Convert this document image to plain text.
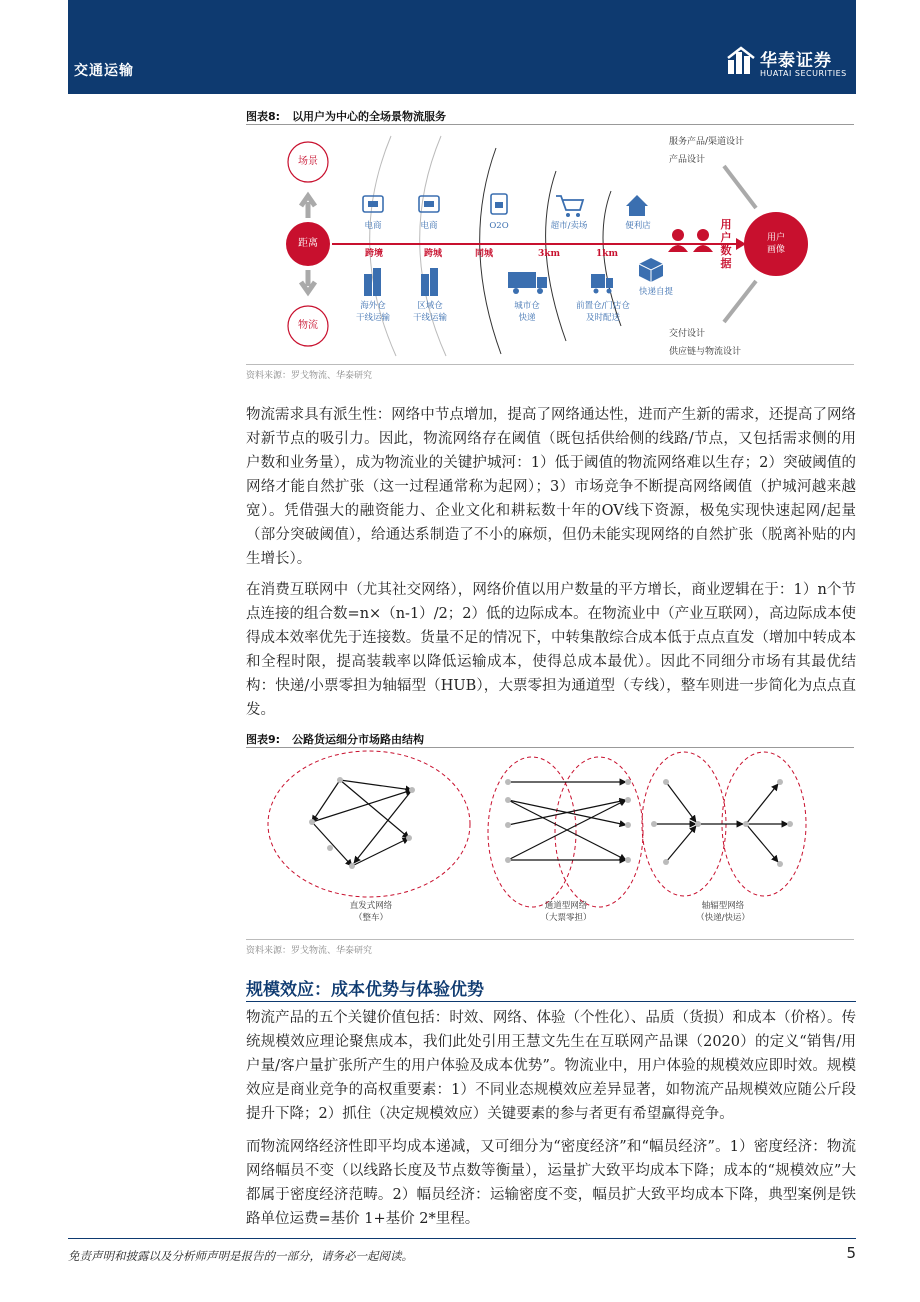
交通运输	华泰证券
HUATAI SECURITIES
图表8: 以用户为中心的全场景物流服务
场景
距离
物流
电商	电商	O2O	超市/卖场	便利店
跨境	跨城	同城	3km	1km
海外仓
干线运输
区域仓
干线运输
城市仓
快递
前置仓/门店仓
及时配送
快递自提
用户数据
用户
画像
服务产品/渠道设计
产品设计
交付设计
供应链与物流设计
资料来源：罗戈物流、华泰研究
物流需求具有派生性：网络中节点增加，提高了网络通达性，进而产生新的需求，还提高了网络对新节点的吸引力。因此，物流网络存在阈值（既包括供给侧的线路/节点，又包括需求侧的用户数和业务量），成为物流业的关键护城河：1）低于阈值的物流网络难以生存；2）突破阈值的网络才能自然扩张（这一过程通常称为起网）；3）市场竞争不断提高网络阈值（护城河越来越宽）。凭借强大的融资能力、企业文化和耕耘数十年的OV线下资源，极兔实现快速起网/起量（部分突破阈值），给通达系制造了不小的麻烦，但仍未能实现网络的自然扩张（脱离补贴的内生增长）。
在消费互联网中（尤其社交网络），网络价值以用户数量的平方增长，商业逻辑在于：1）n个节点连接的组合数=n×（n-1）/2；2）低的边际成本。在物流业中（产业互联网），高边际成本使得成本效率优先于连接数。货量不足的情况下，中转集散综合成本低于点点直发（增加中转成本和全程时限，提高装载率以降低运输成本，使得总成本最优）。因此不同细分市场有其最优结构：快递/小票零担为轴辐型（HUB），大票零担为通道型（专线），整车则进一步简化为点点直发。
图表9: 公路货运细分市场路由结构
直发式网络
（整车）
通道型网络
（大票零担）
轴辐型网络
（快递/快运）
资料来源：罗戈物流、华泰研究
规模效应：成本优势与体验优势
物流产品的五个关键价值包括：时效、网络、体验（个性化）、品质（货损）和成本（价格）。传统规模效应理论聚焦成本，我们此处引用王慧文先生在互联网产品课（2020）的定义“销售/用户量/客户量扩张所产生的用户体验及成本优势”。物流业中，用户体验的规模效应即时效。规模效应是商业竞争的高权重要素：1）不同业态规模效应差异显著，如物流产品规模效应随公斤段提升下降；2）抓住（决定规模效应）关键要素的参与者更有希望赢得竞争。
而物流网络经济性即平均成本递减，又可细分为“密度经济”和“幅员经济”。1）密度经济：物流网络幅员不变（以线路长度及节点数等衡量），运量扩大致平均成本下降；成本的“规模效应”大都属于密度经济范畴。2）幅员经济：运输密度不变，幅员扩大致平均成本下降，典型案例是铁路单位运费=基价 1+基价 2*里程。
免责声明和披露以及分析师声明是报告的一部分，请务必一起阅读。	5
